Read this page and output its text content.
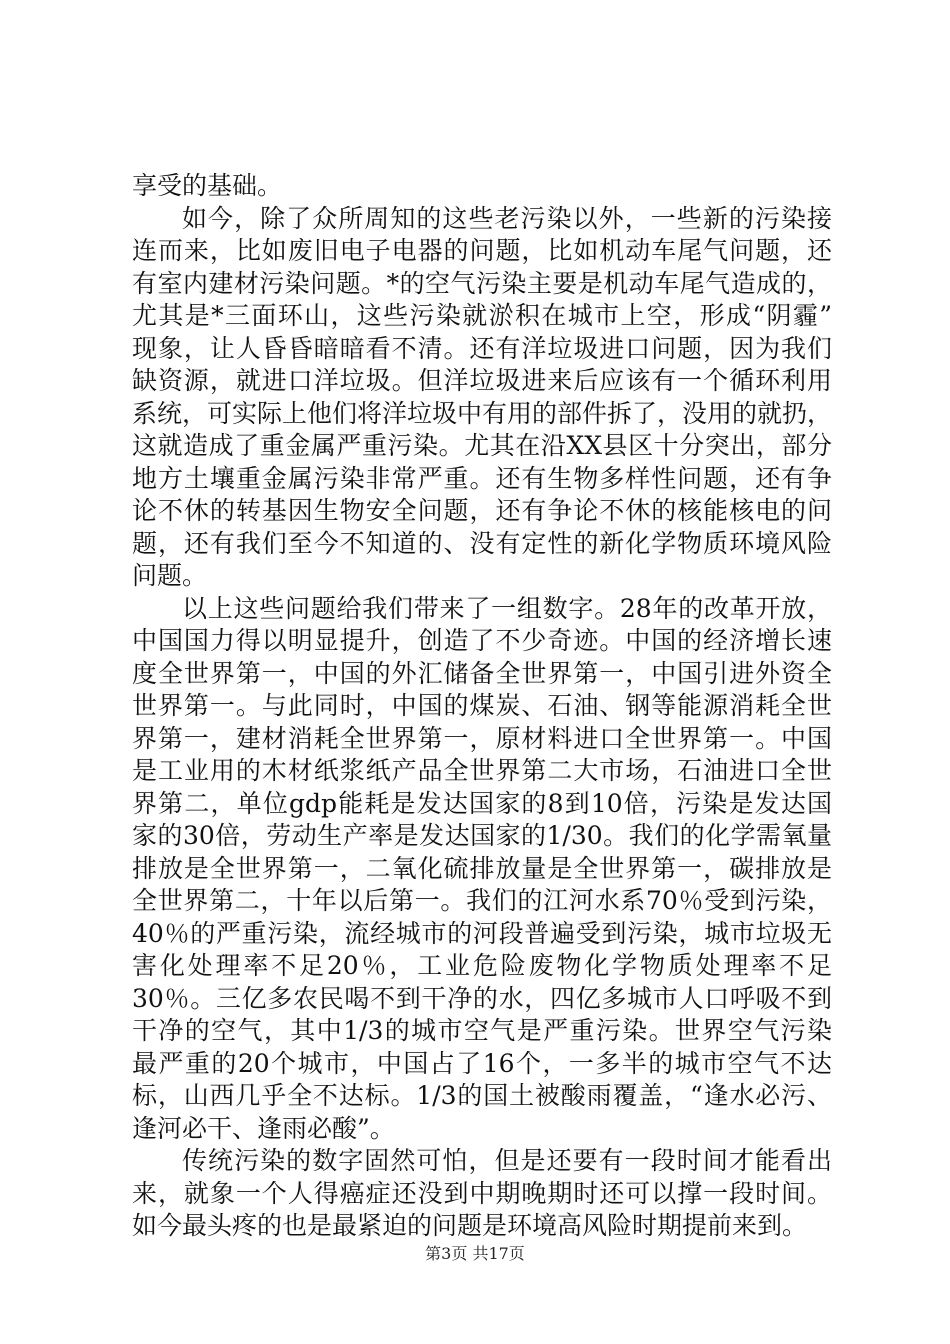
享受的基础。
如今，除了众所周知的这些老污染以外，一些新的污染接
连而来，比如废旧电子电器的问题，比如机动车尾气问题，还
有室内建材污染问题。*的空气污染主要是机动车尾气造成的，
尤其是*三面环山，这些污染就淤积在城市上空，形成“阴霾”
现象，让人昏昏暗暗看不清。还有洋垃圾进口问题，因为我们
缺资源，就进口洋垃圾。但洋垃圾进来后应该有一个循环利用
系统，可实际上他们将洋垃圾中有用的部件拆了，没用的就扔，
这就造成了重金属严重污染。尤其在沿XX县区十分突出，部分
地方土壤重金属污染非常严重。还有生物多样性问题，还有争
论不休的转基因生物安全问题，还有争论不休的核能核电的问
题，还有我们至今不知道的、没有定性的新化学物质环境风险
问题。
以上这些问题给我们带来了一组数字。28年的改革开放，
中国国力得以明显提升，创造了不少奇迹。中国的经济增长速
度全世界第一，中国的外汇储备全世界第一，中国引进外资全
世界第一。与此同时，中国的煤炭、石油、钢等能源消耗全世
界第一，建材消耗全世界第一，原材料进口全世界第一。中国
是工业用的木材纸浆纸产品全世界第二大市场，石油进口全世
界第二，单位gdp能耗是发达国家的8到10倍，污染是发达国
家的30倍，劳动生产率是发达国家的1/30。我们的化学需氧量
排放是全世界第一，二氧化硫排放量是全世界第一，碳排放是
全世界第二，十年以后第一。我们的江河水系70％受到污染，
40％的严重污染，流经城市的河段普遍受到污染，城市垃圾无
害化处理率不足20％，工业危险废物化学物质处理率不足
30％。三亿多农民喝不到干净的水，四亿多城市人口呼吸不到
干净的空气，其中1/3的城市空气是严重污染。世界空气污染
最严重的20个城市，中国占了16个，一多半的城市空气不达
标，山西几乎全不达标。1/3的国土被酸雨覆盖，“逢水必污、
逢河必干、逢雨必酸”。
传统污染的数字固然可怕，但是还要有一段时间才能看出
来，就象一个人得癌症还没到中期晚期时还可以撑一段时间。
如今最头疼的也是最紧迫的问题是环境高风险时期提前来到。
第3页 共17页
